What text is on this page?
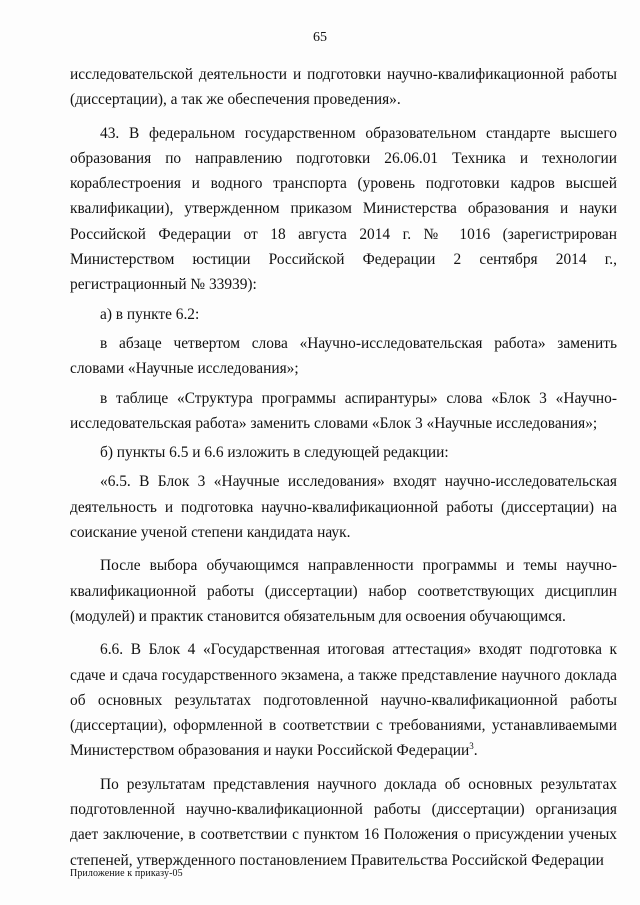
65

исследовательской деятельности и подготовки научно-квалификационной работы (диссертации), а так же обеспечения проведения».

43. В федеральном государственном образовательном стандарте высшего образования по направлению подготовки 26.06.01 Техника и технологии кораблестроения и водного транспорта (уровень подготовки кадров высшей квалификации), утвержденном приказом Министерства образования и науки Российской Федерации от 18 августа 2014 г. № 1016 (зарегистрирован Министерством юстиции Российской Федерации 2 сентября 2014 г., регистрационный № 33939):

а) в пункте 6.2:

в абзаце четвертом слова «Научно-исследовательская работа» заменить словами «Научные исследования»;

в таблице «Структура программы аспирантуры» слова «Блок 3 «Научно-исследовательская работа» заменить словами «Блок 3 «Научные исследования»;

б) пункты 6.5 и 6.6 изложить в следующей редакции:

«6.5. В Блок 3 «Научные исследования» входят научно-исследовательская деятельность и подготовка научно-квалификационной работы (диссертации) на соискание ученой степени кандидата наук.

После выбора обучающимся направленности программы и темы научно-квалификационной работы (диссертации) набор соответствующих дисциплин (модулей) и практик становится обязательным для освоения обучающимся.

6.6. В Блок 4 «Государственная итоговая аттестация» входят подготовка к сдаче и сдача государственного экзамена, а также представление научного доклада об основных результатах подготовленной научно-квалификационной работы (диссертации), оформленной в соответствии с требованиями, устанавливаемыми Министерством образования и науки Российской Федерации$^3$.

По результатам представления научного доклада об основных результатах подготовленной научно-квалификационной работы (диссертации) организация дает заключение, в соответствии с пунктом 16 Положения о присуждении ученых степеней, утвержденного постановлением Правительства Российской Федерации

Приложение к приказу-05
